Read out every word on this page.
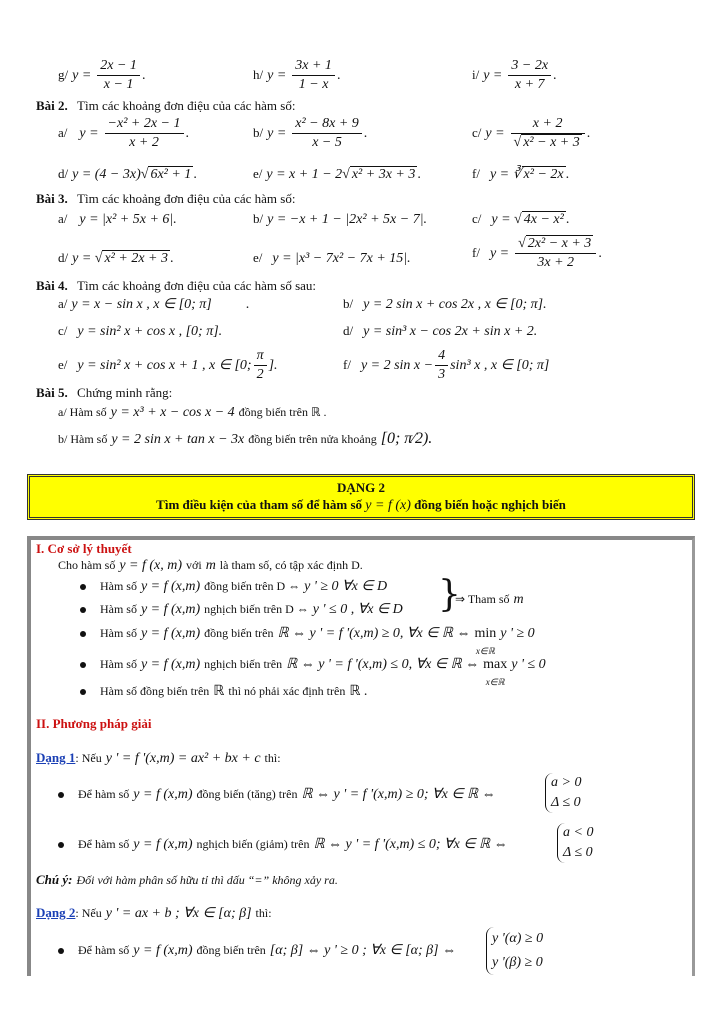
g/ $y = \frac{2x - 1}{x - 1}$ .	h/ $y = \frac{3x + 1}{1 - x}$ .	i/ $y = \frac{3 - 2x}{x + 7}$ .
Bài 2. Tìm các khoảng đơn điệu của các hàm số:
a/ $y = \frac{\text{−x² + 2x − 1}}{x + 2}$ .	b/ $y = \frac{\text{x² − 8x + 9}}{x - 5}$ .	c/ $y = \frac{x + 2}{\text{√ x² − x + 3}}$ .
d/ y = (4 − 3x)√ 6x² + 1 .	e/ y = x + 1 − 2√ x² + 3x + 3 .	f/ y = ∛ x² − 2x .
Bài 3. Tìm các khoảng đơn điệu của các hàm số:
a/ y = |x² + 5x + 6|.	b/ y = −x + 1 − |2x² + 5x − 7|.	c/ y = √ 4x − x² .
d/ y = √ x² + 2x + 3 .	e/ y = |x³ − 7x² − 7x + 15|.	f/ $y = \frac{\text{√ 2x² − x + 3}}{3x + 2}$ .
Bài 4. Tìm các khoảng đơn điệu của các hàm số sau:
a/ y = x − sin x , x ∈ [0; π] .	b/ y = 2 sin x + cos 2x , x ∈ [0; π].
c/ y = sin² x + cos x , [0; π].	d/ y = sin³ x − cos 2x + sin x + 2.
e/ y = sin² x + cos x + 1 , x ∈ [0; $\frac{\pi}{2}$ ].	f/ y = 2 $\sin x - \frac{4}{3} \sin^3$ x , x ∈ [0; π]
Bài 5. Chứng minh rằng:
a/ Hàm số y = x³ + x − cos x − 4 đồng biến trên ℝ .
b/ Hàm số y = 2 sin x + tan x − 3x đồng biến trên nửa khoảng [0; π⁄2).
DẠNG 2
Tìm điều kiện của tham số để hàm số y = f (x) đồng biến hoặc nghịch biến
I. Cơ sở lý thuyết
Cho hàm số y = f (x, m) với m là tham số, có tập xác định D.
Hàm số y = f (x,m) đồng biến trên D ⇔ y ' ≥ 0 ∀x ∈ D
Hàm số y = f (x,m) nghịch biến trên D ⇔ y ' ≤ 0 , ∀x ∈ D }
⇒ Tham số m
Hàm số y = f (x,m) đồng biến trên ℝ ⇔ y ' = f '(x,m) ≥ 0, ∀x ∈ ℝ ⇔ min
x∈ℝ y ' ≥ 0
Hàm số y = f (x,m) nghịch biến trên ℝ ⇔ y ' = f '(x,m) ≤ 0, ∀x ∈ ℝ ⇔ max
x∈ℝ y ' ≤ 0
Hàm số đồng biến trên ℝ thì nó phải xác định trên ℝ .
II. Phương pháp giải
Dạng 1: Nếu y ' = f '(x,m) = ax² + bx + c thì:
Để hàm số y = f (x,m) đồng biến (tăng) trên ℝ ⇔ y ' = f '(x,m) ≥ 0; ∀x ∈ ℝ ⇔
a > 0
Δ ≤ 0
Để hàm số y = f (x,m) nghịch biến (giảm) trên ℝ ⇔ y ' = f '(x,m) ≤ 0; ∀x ∈ ℝ ⇔
a < 0
Δ ≤ 0
Chú ý: Đối với hàm phân số hữu tỉ thì dấu “=” không xảy ra.
Dạng 2: Nếu y ' = ax + b ; ∀x ∈ [α; β] thì:
Để hàm số y = f (x,m) đồng biến trên [α; β] ⇔ y ' ≥ 0 ; ∀x ∈ [α; β] ⇔
y '(α) ≥ 0
y '(β) ≥ 0
